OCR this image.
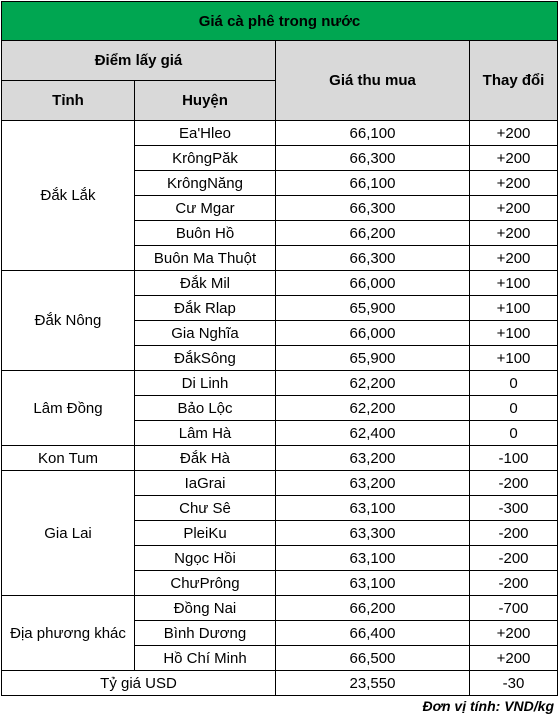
Giá cà phê trong nước			
Điểm lấy giá		Giá thu mua	Thay đổi
Tỉnh	Huyện		
Đắk Lắk	Ea'Hleo	66,100	+200
	KrôngPăk	66,300	+200
	KrôngNăng	66,100	+200
	Cư Mgar	66,300	+200
	Buôn Hồ	66,200	+200
	Buôn Ma Thuột	66,300	+200
Đắk Nông	Đắk Mil	66,000	+100
	Đắk Rlap	65,900	+100
	Gia Nghĩa	66,000	+100
	ĐắkSông	65,900	+100
Lâm Đồng	Di Linh	62,200	0
	Bảo Lộc	62,200	0
	Lâm Hà	62,400	0
Kon Tum	Đắk Hà	63,200	-100
Gia Lai	IaGrai	63,200	-200
	Chư Sê	63,100	-300
	PleiKu	63,300	-200
	Ngọc Hồi	63,100	-200
	ChưPrông	63,100	-200
Địa phương khác	Đồng Nai	66,200	-700
	Bình Dương	66,400	+200
	Hồ Chí Minh	66,500	+200
Tỷ giá USD		23,550	-30
Đơn vị tính: VND/kg
